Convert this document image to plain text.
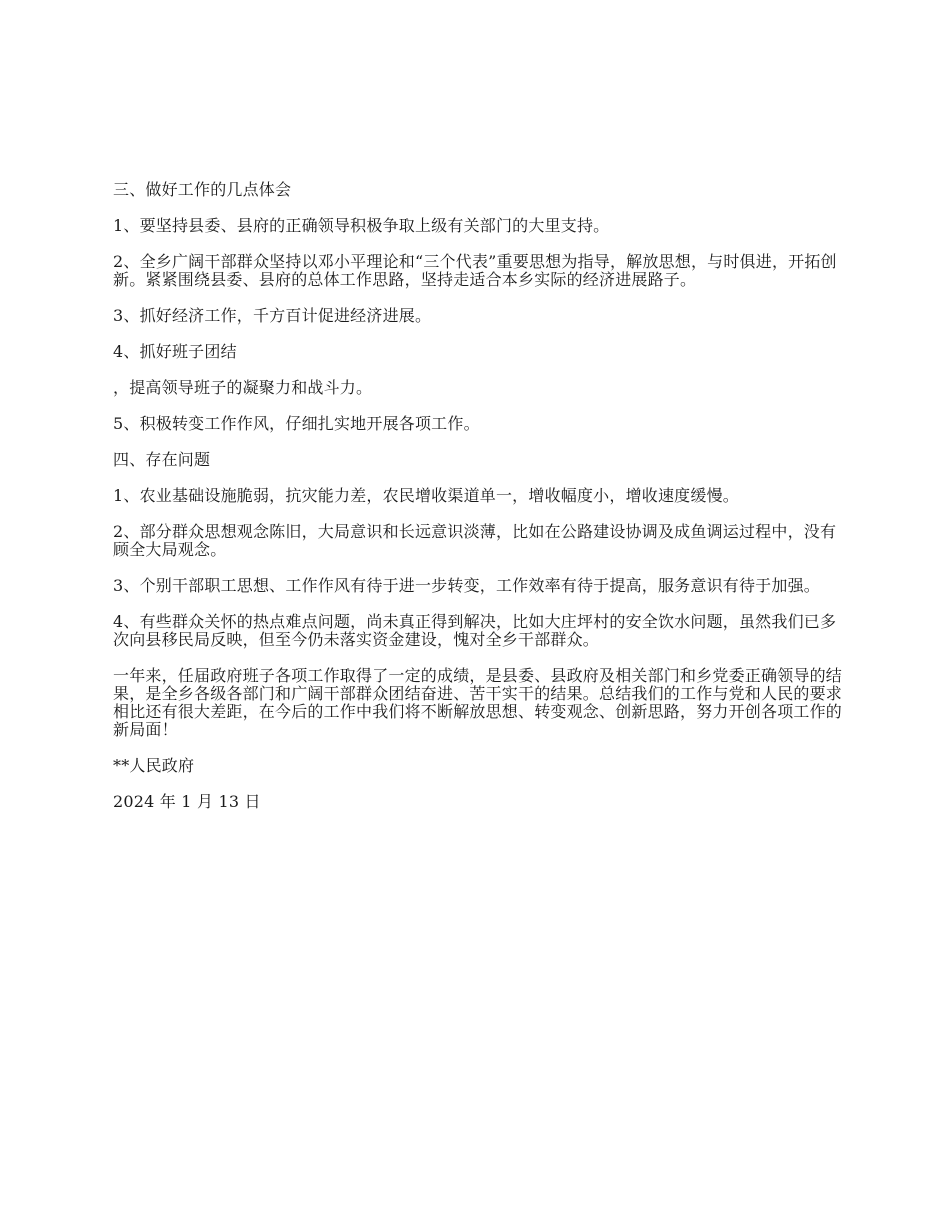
三、做好工作的几点体会

1、要坚持县委、县府的正确领导积极争取上级有关部门的大里支持。

2、全乡广阔干部群众坚持以邓小平理论和“三个代表”重要思想为指导，解放思想，与时俱进，开拓创新。紧紧围绕县委、县府的总体工作思路，坚持走适合本乡实际的经济进展路子。

3、抓好经济工作，千方百计促进经济进展。

4、抓好班子团结

，提高领导班子的凝聚力和战斗力。

5、积极转变工作作风，仔细扎实地开展各项工作。

四、存在问题

1、农业基础设施脆弱，抗灾能力差，农民增收渠道单一，增收幅度小，增收速度缓慢。

2、部分群众思想观念陈旧，大局意识和长远意识淡薄，比如在公路建设协调及成鱼调运过程中，没有顾全大局观念。

3、个别干部职工思想、工作作风有待于进一步转变，工作效率有待于提高，服务意识有待于加强。

4、有些群众关怀的热点难点问题，尚未真正得到解决，比如大庄坪村的安全饮水问题，虽然我们已多次向县移民局反映，但至今仍未落实资金建设，愧对全乡干部群众。

一年来，任届政府班子各项工作取得了一定的成绩，是县委、县政府及相关部门和乡党委正确领导的结果，是全乡各级各部门和广阔干部群众团结奋进、苦干实干的结果。总结我们的工作与党和人民的要求相比还有很大差距，在今后的工作中我们将不断解放思想、转变观念、创新思路，努力开创各项工作的新局面！

**人民政府

2024 年 1 月 13 日
